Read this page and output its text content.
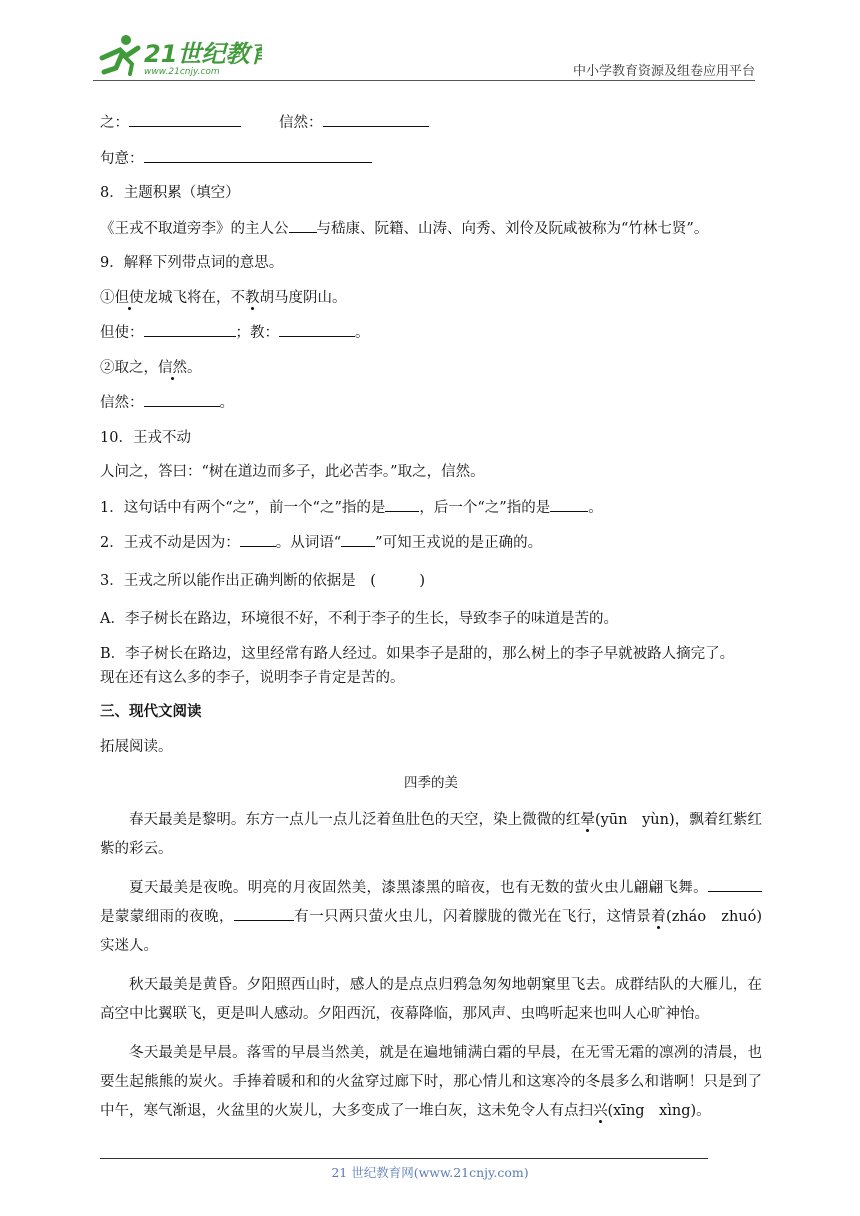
21世纪教育
www.21cnjy.com	中小学教育资源及组卷应用平台

之：	信然：

句意：

8．主题积累（填空）

《王戎不取道旁李》的主人公 与嵇康、阮籍、山涛、向秀、刘伶及阮咸被称为“竹林七贤”。

9．解释下列带点词的意思。

①但使龙城飞将在，不教胡马度阴山。

但使：	；教：	。

②取之，信然。

信然：	。

10．王戎不动

人问之，答曰：“树在道边而多子，此必苦李。”取之，信然。

1．这句话中有两个“之”，前一个“之”指的是 ，后一个“之”指的是	。

2．王戎不动是因为： 。从词语“ ”可知王戎说的是正确的。

3．王戎之所以能作出正确判断的依据是　(　　　)

A．李子树长在路边，环境很不好，不利于李子的生长，导致李子的味道是苦的。

B．李子树长在路边，这里经常有路人经过。如果李子是甜的，那么树上的李子早就被路人摘完了。

现在还有这么多的李子，说明李子肯定是苦的。

三、现代文阅读

拓展阅读。

四季的美

春天最美是黎明。东方一点儿一点儿泛着鱼肚色的天空，染上微微的红晕(yūn　yùn)，飘着红紫红紫的彩云。

夏天最美是夜晚。明亮的月夜固然美，漆黑漆黑的暗夜，也有无数的萤火虫儿翩翩飞舞。是蒙蒙细雨的夜晚，	有一只两只萤火虫儿，闪着朦胧的微光在飞行，这情景着(zháo　zhuó)实迷人。

秋天最美是黄昏。夕阳照西山时，感人的是点点归鸦急匆匆地朝窠里飞去。成群结队的大雁儿，在高空中比翼联飞，更是叫人感动。夕阳西沉，夜幕降临，那风声、虫鸣听起来也叫人心旷神怡。

冬天最美是早晨。落雪的早晨当然美，就是在遍地铺满白霜的早晨，在无雪无霜的凛冽的清晨，也要生起熊熊的炭火。手捧着暖和和的火盆穿过廊下时，那心情儿和这寒冷的冬晨多么和谐啊！只是到了中午，寒气渐退，火盆里的火炭儿，大多变成了一堆白灰，这未免令人有点扫兴(xīng　xìng)。

21 世纪教育网(www.21cnjy.com)
